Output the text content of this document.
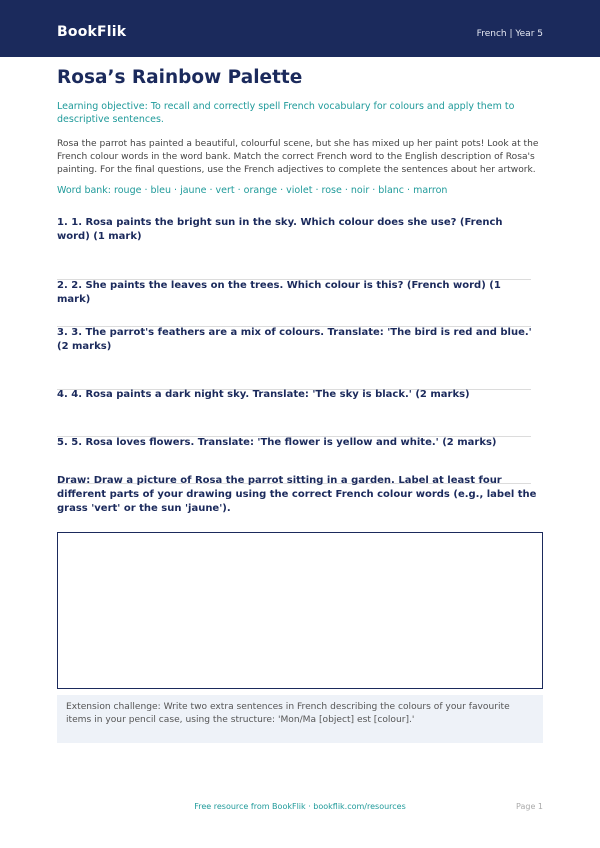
BookFlik	French | Year 5
Rosa’s Rainbow Palette
Learning objective: To recall and correctly spell French vocabulary for colours and apply them to descriptive sentences.
Rosa the parrot has painted a beautiful, colourful scene, but she has mixed up her paint pots! Look at the French colour words in the word bank. Match the correct French word to the English description of Rosa's painting. For the final questions, use the French adjectives to complete the sentences about her artwork.
Word bank: rouge · bleu · jaune · vert · orange · violet · rose · noir · blanc · marron
1. 1. Rosa paints the bright sun in the sky. Which colour does she use? (French word) (1 mark)
2. 2. She paints the leaves on the trees. Which colour is this? (French word) (1 mark)
3. 3. The parrot's feathers are a mix of colours. Translate: 'The bird is red and blue.' (2 marks)
4. 4. Rosa paints a dark night sky. Translate: 'The sky is black.' (2 marks)
5. 5. Rosa loves flowers. Translate: 'The flower is yellow and white.' (2 marks)
Draw: Draw a picture of Rosa the parrot sitting in a garden. Label at least four different parts of your drawing using the correct French colour words (e.g., label the grass 'vert' or the sun 'jaune').
Extension challenge: Write two extra sentences in French describing the colours of your favourite items in your pencil case, using the structure: 'Mon/Ma [object] est [colour].'
Free resource from BookFlik · bookflik.com/resources	Page 1
